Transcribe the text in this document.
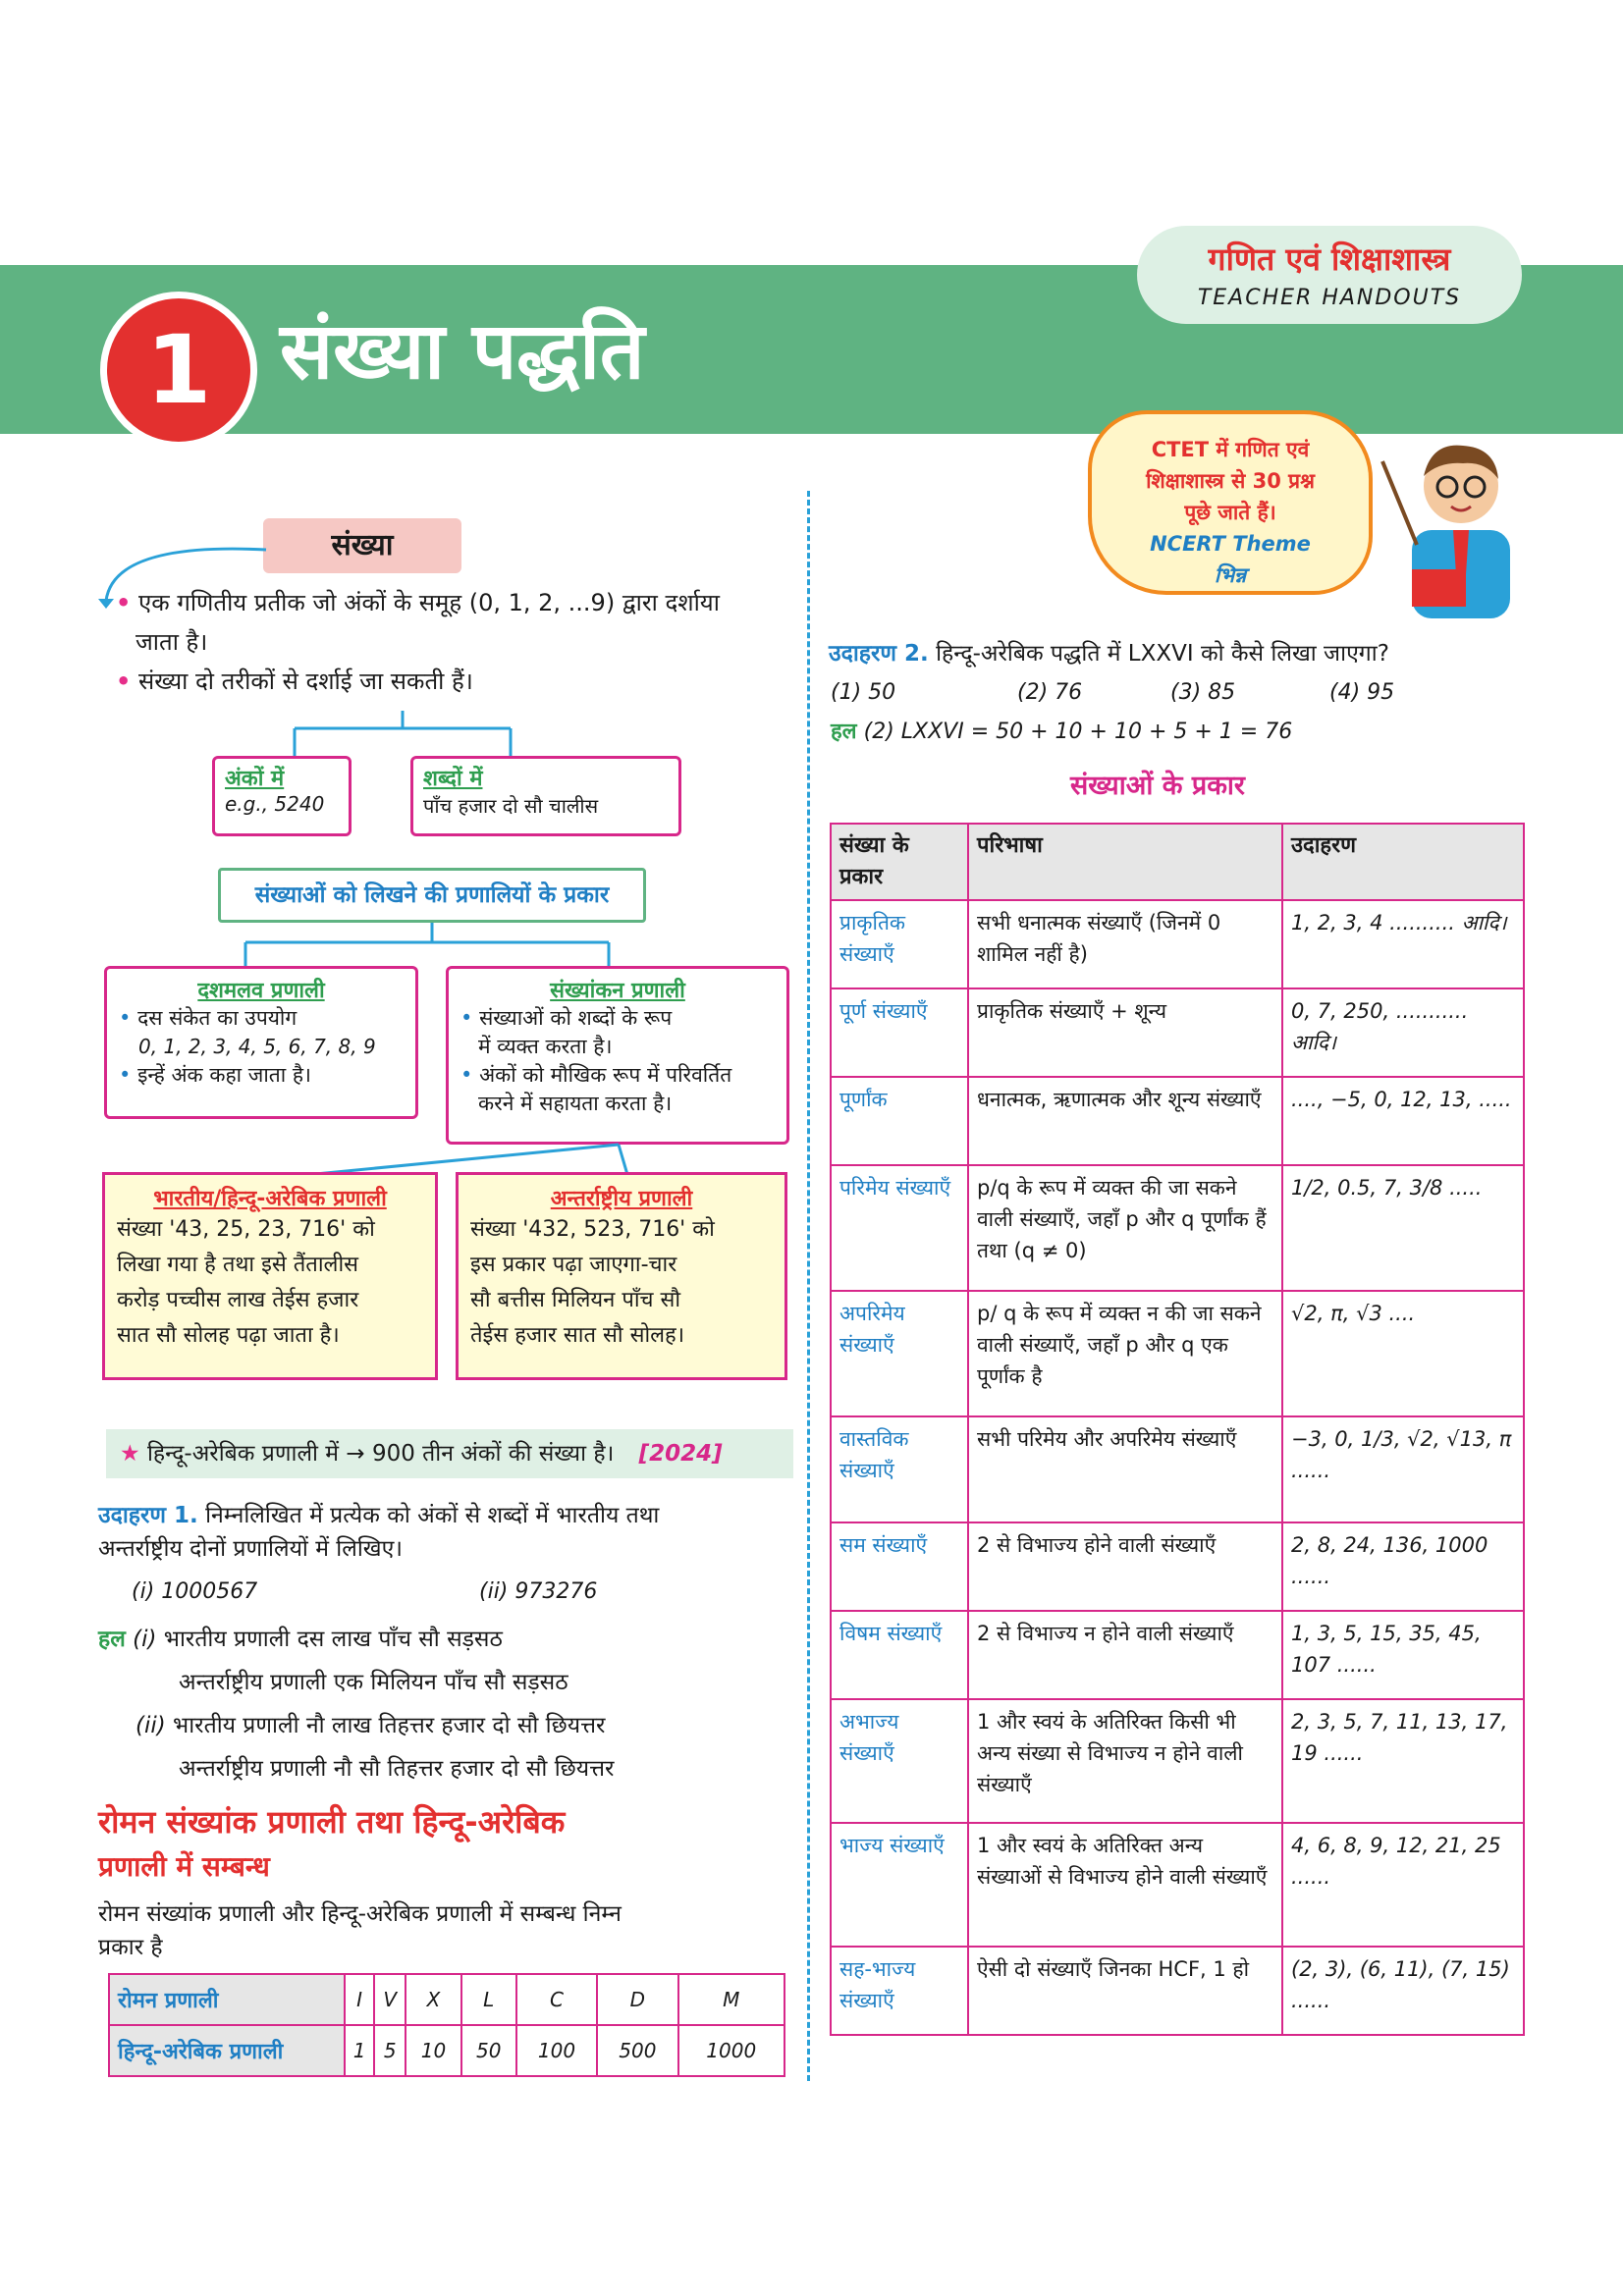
1 संख्या पद्धति
गणित एवं शिक्षाशास्त्र
TEACHER HANDOUTS
CTET में गणित एवं
शिक्षाशास्त्र से 30 प्रश्न
पूछे जाते हैं।
NCERT Theme
भिन्न
संख्या
• एक गणितीय प्रतीक जो अंकों के समूह (0, 1, 2, ...9) द्वारा दर्शाया
जाता है।
• संख्या दो तरीकों से दर्शाई जा सकती हैं।
अंकों में
e.g., 5240
शब्दों में
पाँच हजार दो सौ चालीस
संख्याओं को लिखने की प्रणालियों के प्रकार
दशमलव प्रणाली
• दस संकेत का उपयोग
0, 1, 2, 3, 4, 5, 6, 7, 8, 9
• इन्हें अंक कहा जाता है।
संख्यांकन प्रणाली
• संख्याओं को शब्दों के रूप
में व्यक्त करता है।
• अंकों को मौखिक रूप में परिवर्तित
करने में सहायता करता है।
भारतीय/हिन्दू-अरेबिक प्रणाली
संख्या '43, 25, 23, 716' को
लिखा गया है तथा इसे तैंतालीस
करोड़ पच्चीस लाख तेईस हजार
सात सौ सोलह पढ़ा जाता है।
अन्तर्राष्ट्रीय प्रणाली
संख्या '432, 523, 716' को
इस प्रकार पढ़ा जाएगा-चार
सौ बत्तीस मिलियन पाँच सौ
तेईस हजार सात सौ सोलह।
★ हिन्दू-अरेबिक प्रणाली में → 900 तीन अंकों की संख्या है। [2024]
उदाहरण 1. निम्नलिखित में प्रत्येक को अंकों से शब्दों में भारतीय तथा
अन्तर्राष्ट्रीय दोनों प्रणालियों में लिखिए।
(i) 1000567	(ii) 973276
हल (i) भारतीय प्रणाली दस लाख पाँच सौ सड़सठ
अन्तर्राष्ट्रीय प्रणाली एक मिलियन पाँच सौ सड़सठ
(ii) भारतीय प्रणाली नौ लाख तिहत्तर हजार दो सौ छियत्तर
अन्तर्राष्ट्रीय प्रणाली नौ सौ तिहत्तर हजार दो सौ छियत्तर
रोमन संख्यांक प्रणाली तथा हिन्दू-अरेबिक
प्रणाली में सम्बन्ध
रोमन संख्यांक प्रणाली और हिन्दू-अरेबिक प्रणाली में सम्बन्ध निम्न
प्रकार है
रोमन प्रणाली	I	V	X	L	C	D	M
हिन्दू-अरेबिक प्रणाली	1	5	10	50	100	500	1000
उदाहरण 2. हिन्दू-अरेबिक पद्धति में LXXVI को कैसे लिखा जाएगा?
(1) 50	(2) 76	(3) 85	(4) 95
हल (2) LXXVI = 50 + 10 + 10 + 5 + 1 = 76
संख्याओं के प्रकार
संख्या के प्रकार	परिभाषा	उदाहरण
प्राकृतिक संख्याएँ	सभी धनात्मक संख्याएँ (जिनमें 0 शामिल नहीं है)	1, 2, 3, 4 .......... आदि।
पूर्ण संख्याएँ	प्राकृतिक संख्याएँ + शून्य	0, 7, 250, ........... आदि।
पूर्णांक	धनात्मक, ऋणात्मक और शून्य संख्याएँ	...., −5, 0, 12, 13, .....
परिमेय संख्याएँ	p/q के रूप में व्यक्त की जा सकने वाली संख्याएँ, जहाँ p और q पूर्णांक हैं तथा (q ≠ 0)	1/2, 0.5, 7, 3/8 .....
अपरिमेय संख्याएँ	p/ q के रूप में व्यक्त न की जा सकने वाली संख्याएँ, जहाँ p और q एक पूर्णांक है	√2, π, √3 ....
वास्तविक संख्याएँ	सभी परिमेय और अपरिमेय संख्याएँ	−3, 0, 1/3, √2, √13, π ......
सम संख्याएँ	2 से विभाज्य होने वाली संख्याएँ	2, 8, 24, 136, 1000 ......
विषम संख्याएँ	2 से विभाज्य न होने वाली संख्याएँ	1, 3, 5, 15, 35, 45, 107 ......
अभाज्य संख्याएँ	1 और स्वयं के अतिरिक्त किसी भी अन्य संख्या से विभाज्य न होने वाली संख्याएँ	2, 3, 5, 7, 11, 13, 17, 19 ......
भाज्य संख्याएँ	1 और स्वयं के अतिरिक्त अन्य संख्याओं से विभाज्य होने वाली संख्याएँ	4, 6, 8, 9, 12, 21, 25 ......
सह-भाज्य संख्याएँ	ऐसी दो संख्याएँ जिनका HCF, 1 हो	(2, 3), (6, 11), (7, 15) ......
